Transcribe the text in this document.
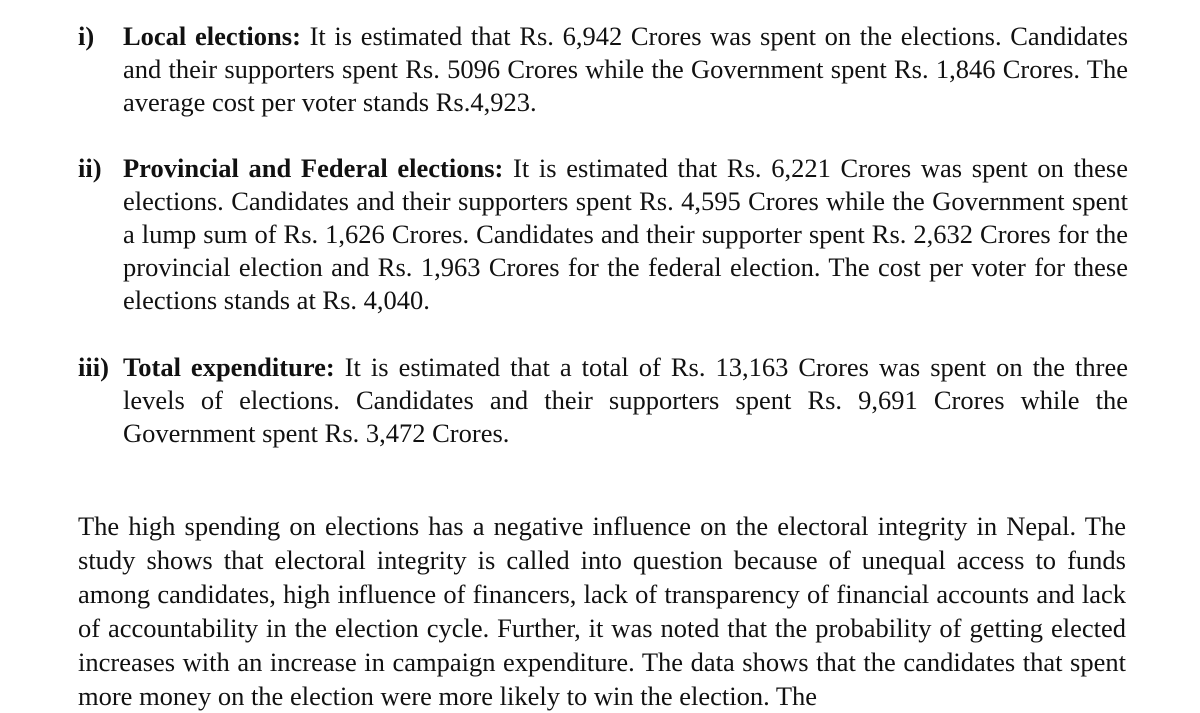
i) Local elections: It is estimated that Rs. 6,942 Crores was spent on the elections. Candidates and their supporters spent Rs. 5096 Crores while the Government spent Rs. 1,846 Crores. The average cost per voter stands Rs.4,923.
ii) Provincial and Federal elections: It is estimated that Rs. 6,221 Crores was spent on these elections. Candidates and their supporters spent Rs. 4,595 Crores while the Government spent a lump sum of Rs. 1,626 Crores. Candidates and their supporter spent Rs. 2,632 Crores for the provincial election and Rs. 1,963 Crores for the federal election. The cost per voter for these elections stands at Rs. 4,040.
iii) Total expenditure: It is estimated that a total of Rs. 13,163 Crores was spent on the three levels of elections. Candidates and their supporters spent Rs. 9,691 Crores while the Government spent Rs. 3,472 Crores.

The high spending on elections has a negative influence on the electoral integrity in Nepal. The study shows that electoral integrity is called into question because of unequal access to funds among candidates, high influence of financers, lack of transparency of financial accounts and lack of accountability in the election cycle. Further, it was noted that the probability of getting elected increases with an increase in campaign expenditure. The data shows that the candidates that spent more money on the election were more likely to win the election. The
